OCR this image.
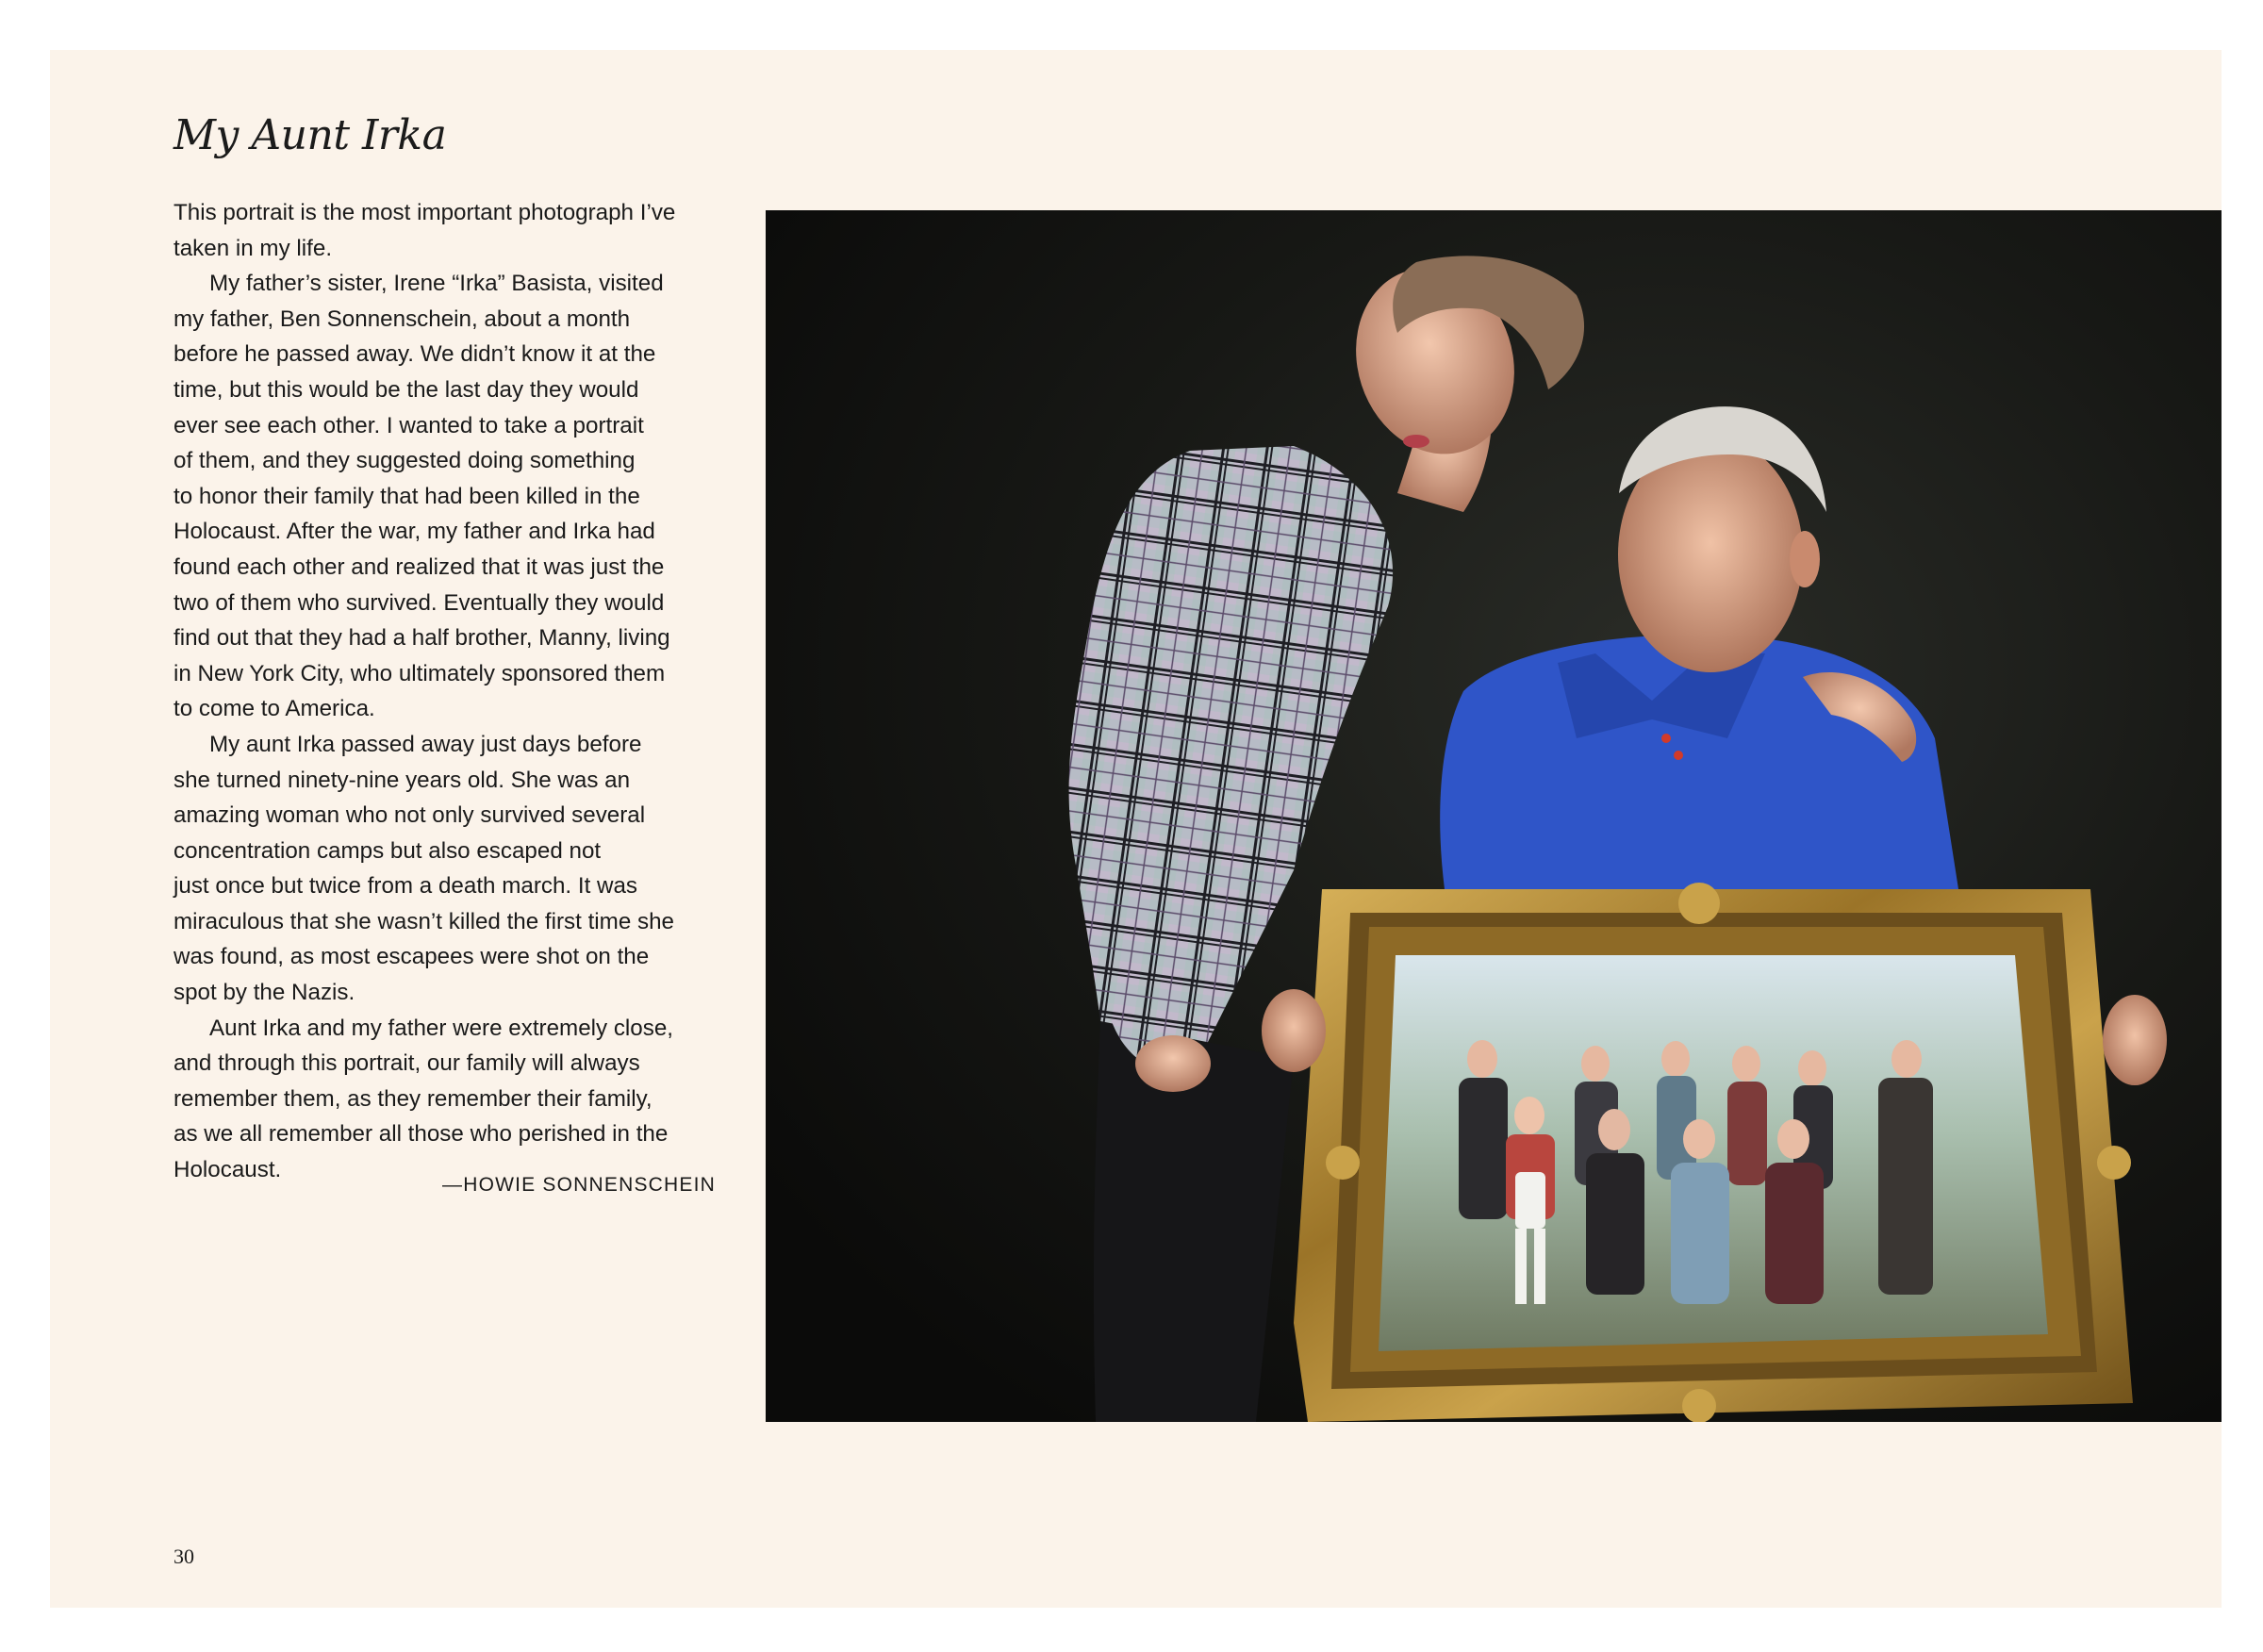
My Aunt Irka
This portrait is the most important photograph I’ve
taken in my life.
My father’s sister, Irene “Irka” Basista, visited
my father, Ben Sonnenschein, about a month
before he passed away. We didn’t know it at the
time, but this would be the last day they would
ever see each other. I wanted to take a portrait
of them, and they suggested doing something
to honor their family that had been killed in the
Holocaust. After the war, my father and Irka had
found each other and realized that it was just the
two of them who survived. Eventually they would
find out that they had a half brother, Manny, living
in New York City, who ultimately sponsored them
to come to America.
My aunt Irka passed away just days before
she turned ninety-nine years old. She was an
amazing woman who not only survived several
concentration camps but also escaped not
just once but twice from a death march. It was
miraculous that she wasn’t killed the first time she
was found, as most escapees were shot on the
spot by the Nazis.
Aunt Irka and my father were extremely close,
and through this portrait, our family will always
remember them, as they remember their family,
as we all remember all those who perished in the
Holocaust.
—HOWIE SONNENSCHEIN
30
